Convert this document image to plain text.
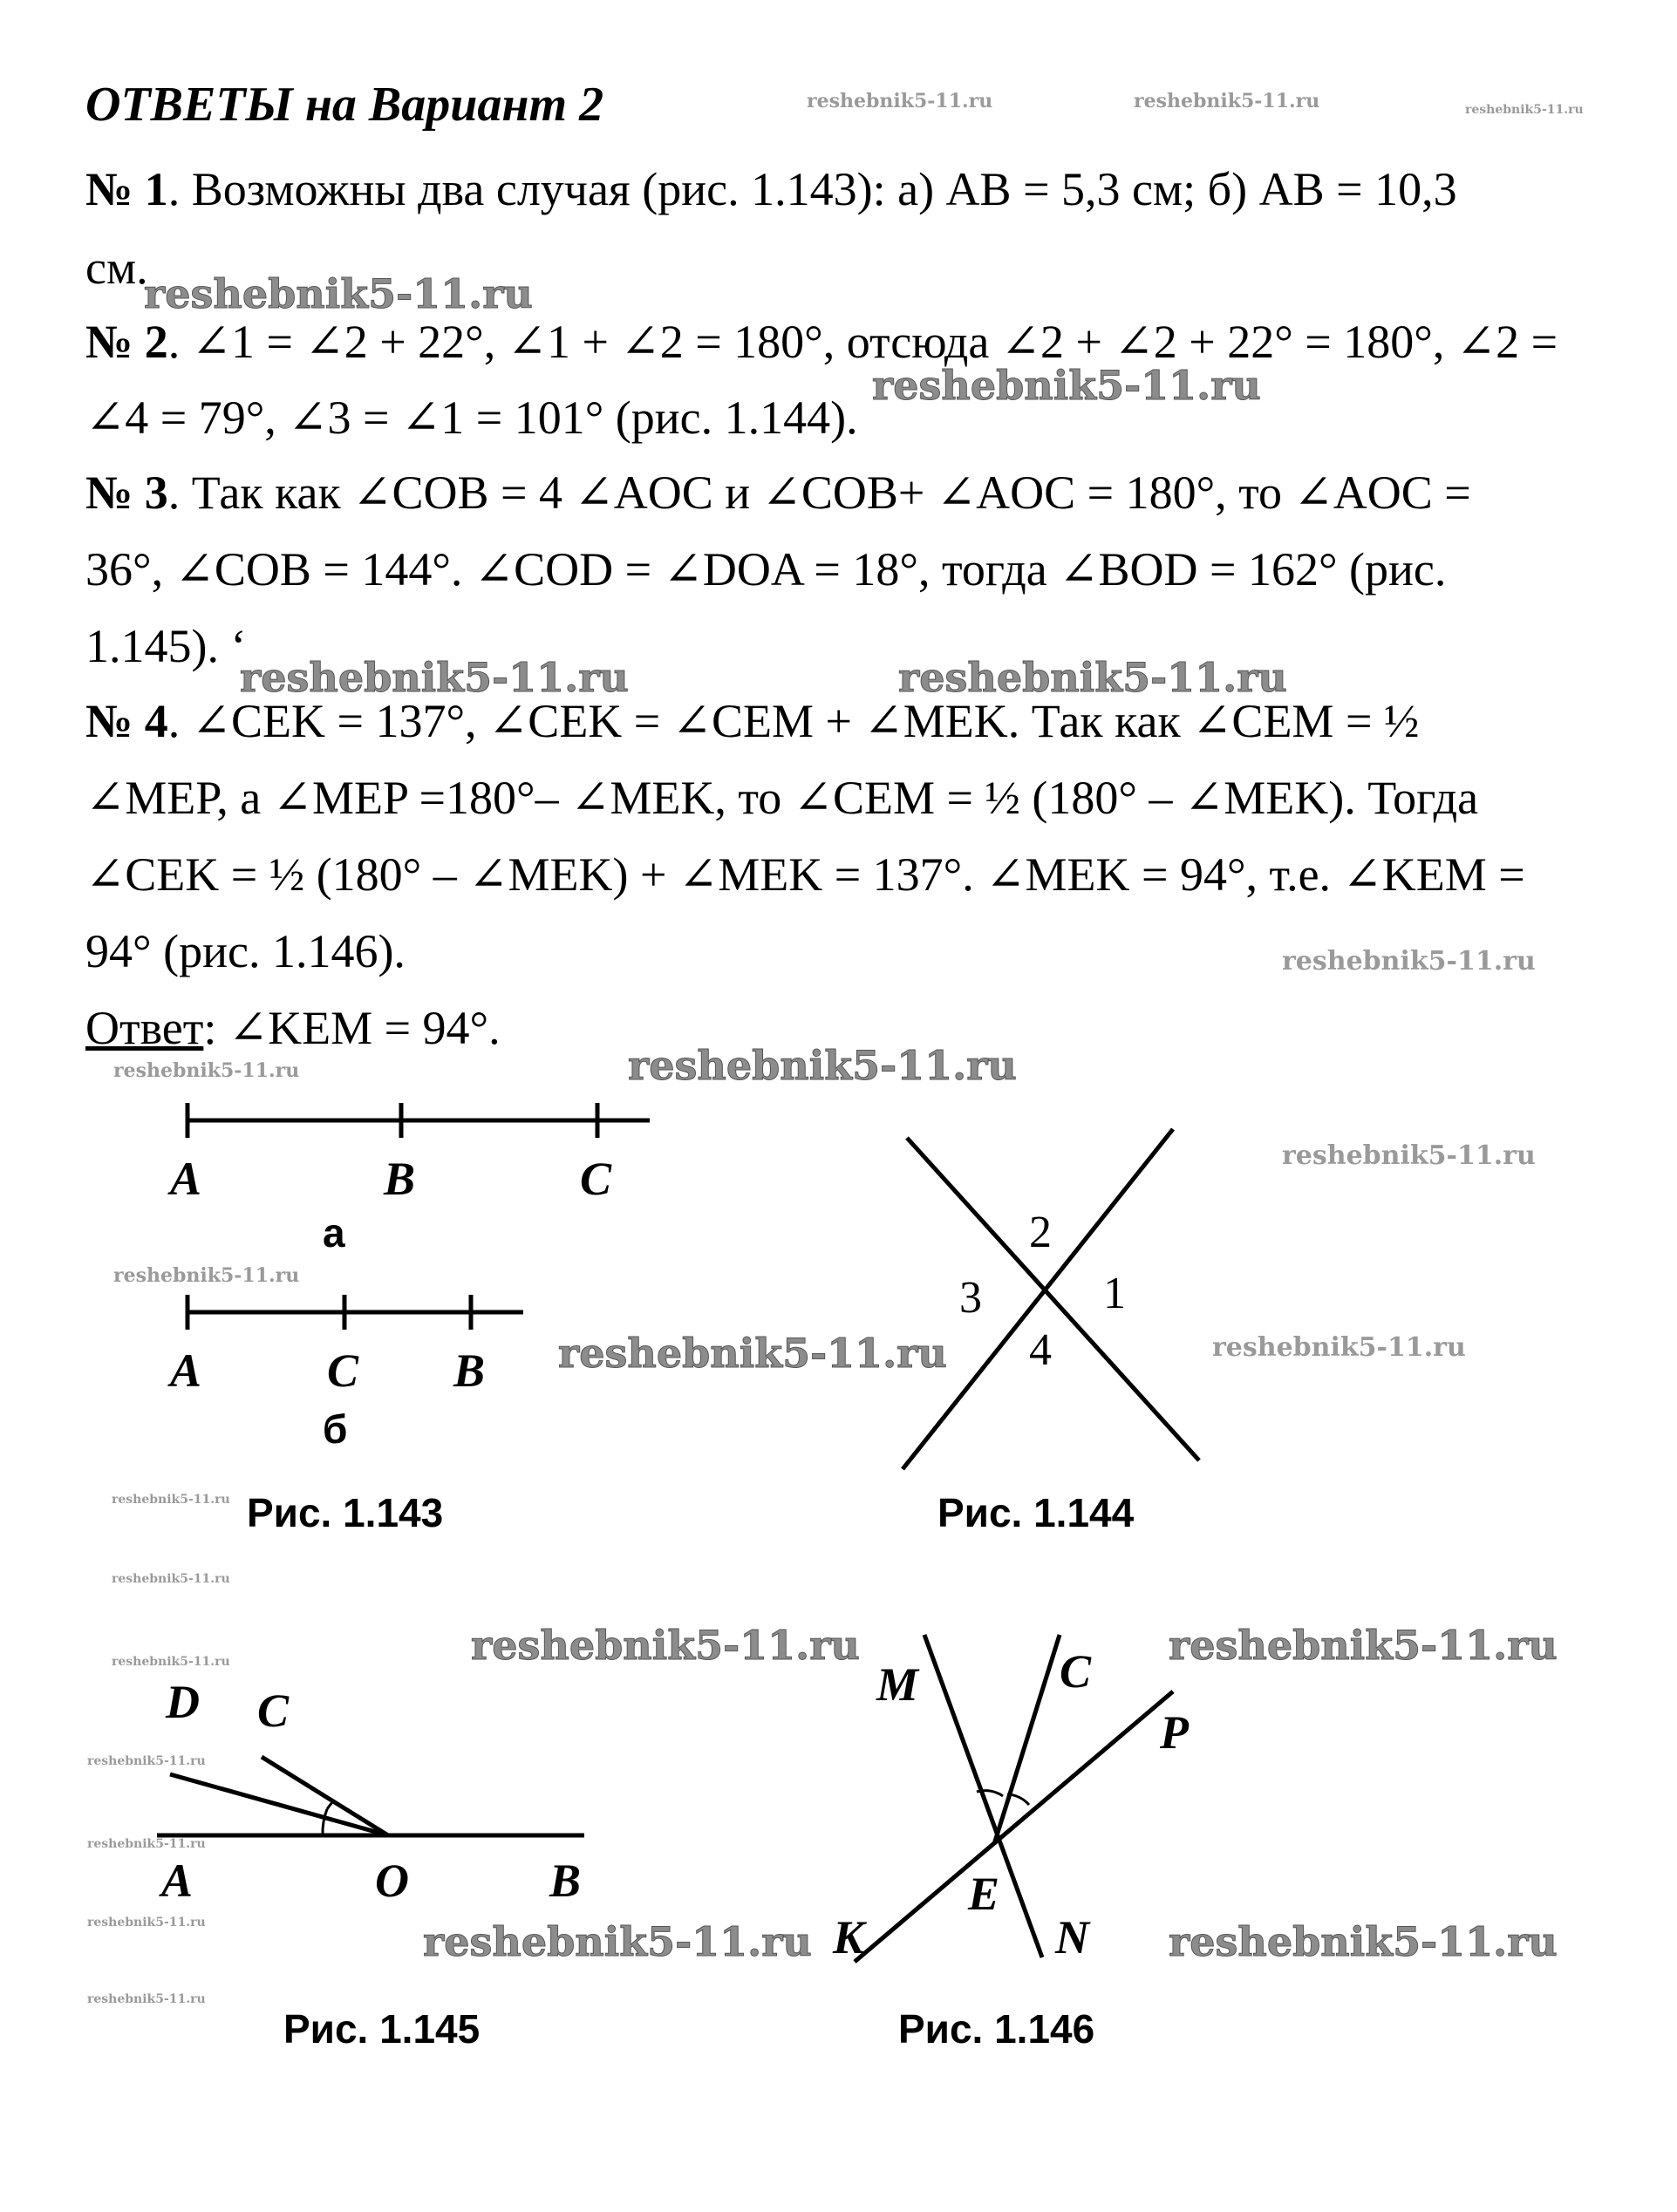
ОТВЕТЫ на Вариант 2
№ 1. Возможны два случая (рис. 1.143): а) AB = 5,3 см; б) AB = 10,3
см.
№ 2. ∠1 = ∠2 + 22°, ∠1 + ∠2 = 180°, отсюда ∠2 + ∠2 + 22° = 180°, ∠2 =
∠4 = 79°, ∠3 = ∠1 = 101° (рис. 1.144).
№ 3. Так как ∠COB = 4 ∠AOC и ∠COB+ ∠AOC = 180°, то ∠AOC =
36°, ∠COB = 144°. ∠COD = ∠DOA = 18°, тогда ∠BOD = 162° (рис.
1.145). ‘
№ 4. ∠CEK = 137°, ∠CEK = ∠CEM + ∠MEK. Так как ∠CEM = ½
∠MEP, а ∠MEP =180°– ∠MEK, то ∠CEM = ½ (180° – ∠MEK). Тогда
∠CEK = ½ (180° – ∠MEK) + ∠MEK = 137°. ∠MEK = 94°, т.е. ∠KEM =
94° (рис. 1.146).
Ответ: ∠KEM = 94°.
reshebnik5-11.ru	reshebnik5-11.ru	reshebnik5-11.ru
reshebnik5-11.ru
reshebnik5-11.ru
reshebnik5-11.ru	reshebnik5-11.ru
reshebnik5-11.ru
reshebnik5-11.ru
reshebnik5-11.ru
reshebnik5-11.ru
reshebnik5-11.ru
reshebnik5-11.ru	reshebnik5-11.ru
reshebnik5-11.ru
reshebnik5-11.ru
reshebnik5-11.ru	reshebnik5-11.ru
reshebnik5-11.ru
reshebnik5-11.ru
reshebnik5-11.ru
reshebnik5-11.ru	reshebnik5-11.ru	reshebnik5-11.ru
reshebnik5-11.ru
A	B	C
а
A	C B
б
Рис. 1.143
1
2
3
4
Рис. 1.144
A	O	B
C
D
Рис. 1.145
M	C
P
E
K	N
Рис. 1.146
